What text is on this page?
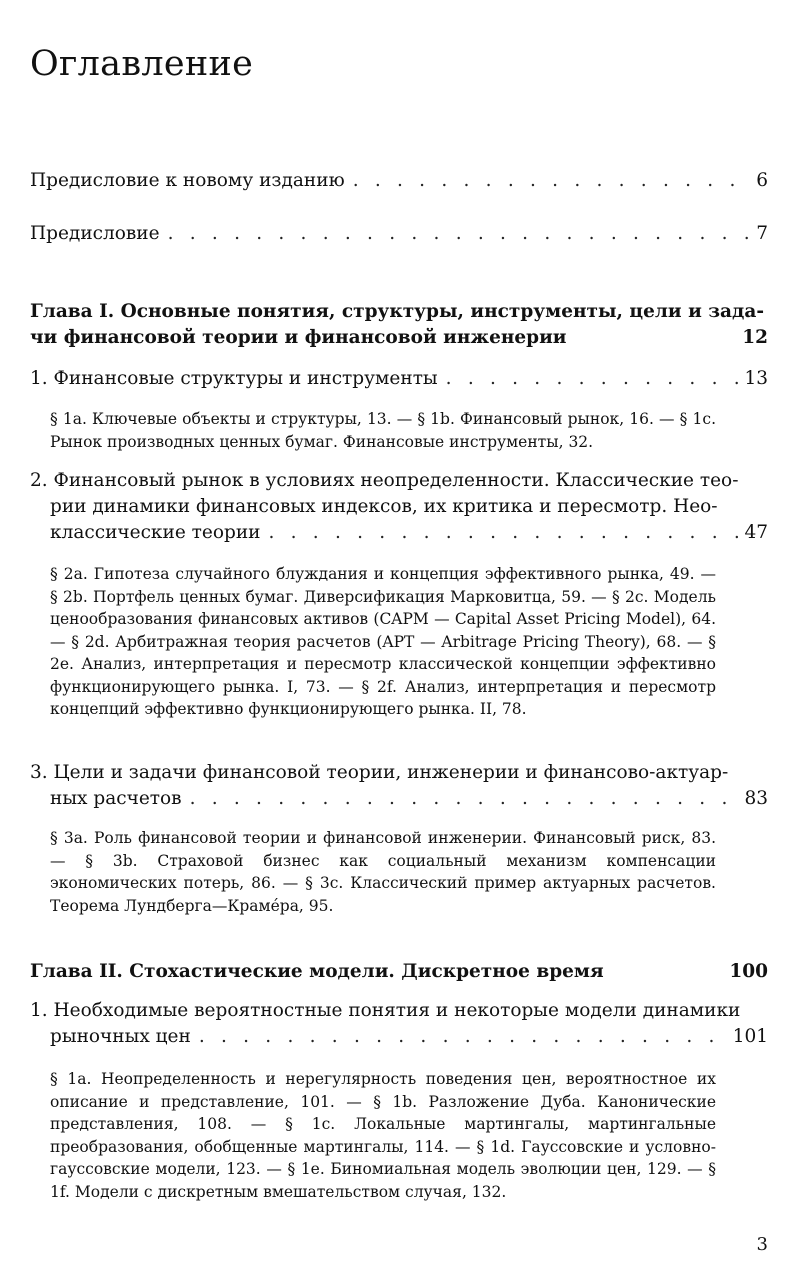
Оглавление
Предисловие к новому изданию . . .	6
Предисловие . . .	7
Глава I. Основные понятия, структуры, инструменты, цели и зада-
чи финансовой теории и финансовой инженерии	12
1. Финансовые структуры и инструменты . . .	13
§ 1a. Ключевые объекты и структуры, 13. — § 1b. Финансовый рынок, 16. — § 1c. Рынок производных ценных бумаг. Финансовые инструменты, 32.
2. Финансовый рынок в условиях неопределенности. Классические тео-
рии динамики финансовых индексов, их критика и пересмотр. Нео-
классические теории . . .	47
§ 2a. Гипотеза случайного блуждания и концепция эффективного рынка, 49. — § 2b. Портфель ценных бумаг. Диверсификация Марковитца, 59. — § 2c. Модель ценообразования финансовых активов (CAPM — Capital Asset Pricing Model), 64. — § 2d. Арбитражная теория расчетов (APT — Arbitrage Pricing Theory), 68. — § 2e. Анализ, интерпретация и пересмотр классической концепции эффективно функционирующего рынка. I, 73. — § 2f. Анализ, интерпретация и пересмотр концепций эффективно функционирующего рынка. II, 78.
3. Цели и задачи финансовой теории, инженерии и финансово-актуар-
ных расчетов . . .	83
§ 3a. Роль финансовой теории и финансовой инженерии. Финансовый риск, 83. — § 3b. Страховой бизнес как социальный механизм компенсации экономических потерь, 86. — § 3c. Классический пример актуарных расчетов. Теорема Лундберга—Крамéра, 95.
Глава II. Стохастические модели. Дискретное время	100
1. Необходимые вероятностные понятия и некоторые модели динамики
рыночных цен . . .	101
§ 1a. Неопределенность и нерегулярность поведения цен, вероятностное их описание и представление, 101. — § 1b. Разложение Дуба. Канонические представления, 108. — § 1c. Локальные мартингалы, мартингальные преобразования, обобщенные мартингалы, 114. — § 1d. Гауссовские и условно-гауссовские модели, 123. — § 1e. Биномиальная модель эволюции цен, 129. — § 1f. Модели с дискретным вмешательством случая, 132.
3
